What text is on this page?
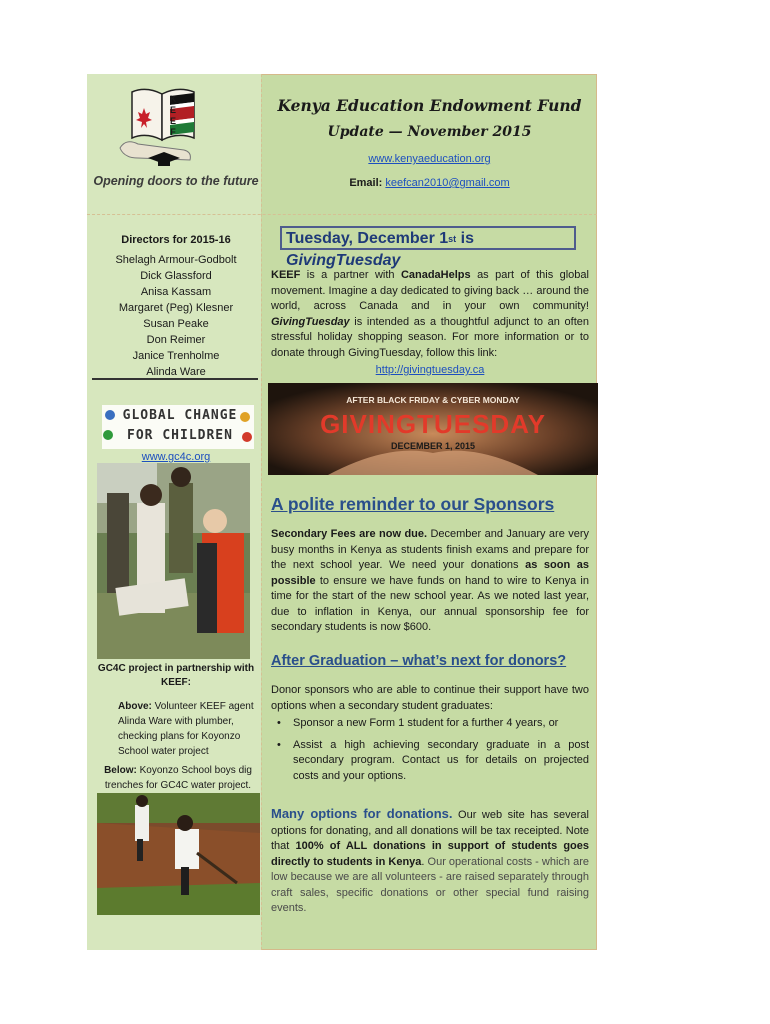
K
E
E
F
Opening doors to the future
Kenya Education Endowment Fund
Update — November 2015
www.kenyaeducation.org
Email: keefcan2010@gmail.com
Directors for 2015-16
Shelagh Armour-Godbolt
Dick Glassford
Anisa Kassam
Margaret (Peg) Klesner
Susan Peake
Don Reimer
Janice Trenholme
Alinda Ware
GLOBAL CHANGE
FOR CHILDREN
www.gc4c.org
GC4C project in partnership with KEEF:
Above: Volunteer KEEF agent Alinda Ware with plumber, checking plans for Koyonzo School water project
Below: Koyonzo School boys dig trenches for GC4C water project.
Tuesday, December 1st is GivingTuesday
KEEF is a partner with CanadaHelps as part of this global movement. Imagine a day dedicated to giving back … around the world, across Canada and in your own community! GivingTuesday is intended as a thoughtful adjunct to an often stressful holiday shopping season. For more information or to donate through GivingTuesday, follow this link:
http://givingtuesday.ca
AFTER BLACK FRIDAY & CYBER MONDAY
GIVINGTUESDAY
DECEMBER 1, 2015
A polite reminder to our Sponsors
Secondary Fees are now due. December and January are very busy months in Kenya as students finish exams and prepare for the next school year. We need your donations as soon as possible to ensure we have funds on hand to wire to Kenya in time for the start of the new school year. As we noted last year, due to inflation in Kenya, our annual sponsorship fee for secondary students is now $600.
After Graduation – what’s next for donors?
Donor sponsors who are able to continue their support have two options when a secondary student graduates:
• Sponsor a new Form 1 student for a further 4 years, or
• Assist a high achieving secondary graduate in a post secondary program. Contact us for details on projected costs and your options.
Many options for donations. Our web site has several options for donating, and all donations will be tax receipted. Note that 100% of ALL donations in support of students goes directly to students in Kenya. Our operational costs - which are low because we are all volunteers - are raised separately through craft sales, specific donations or other special fund raising events.
